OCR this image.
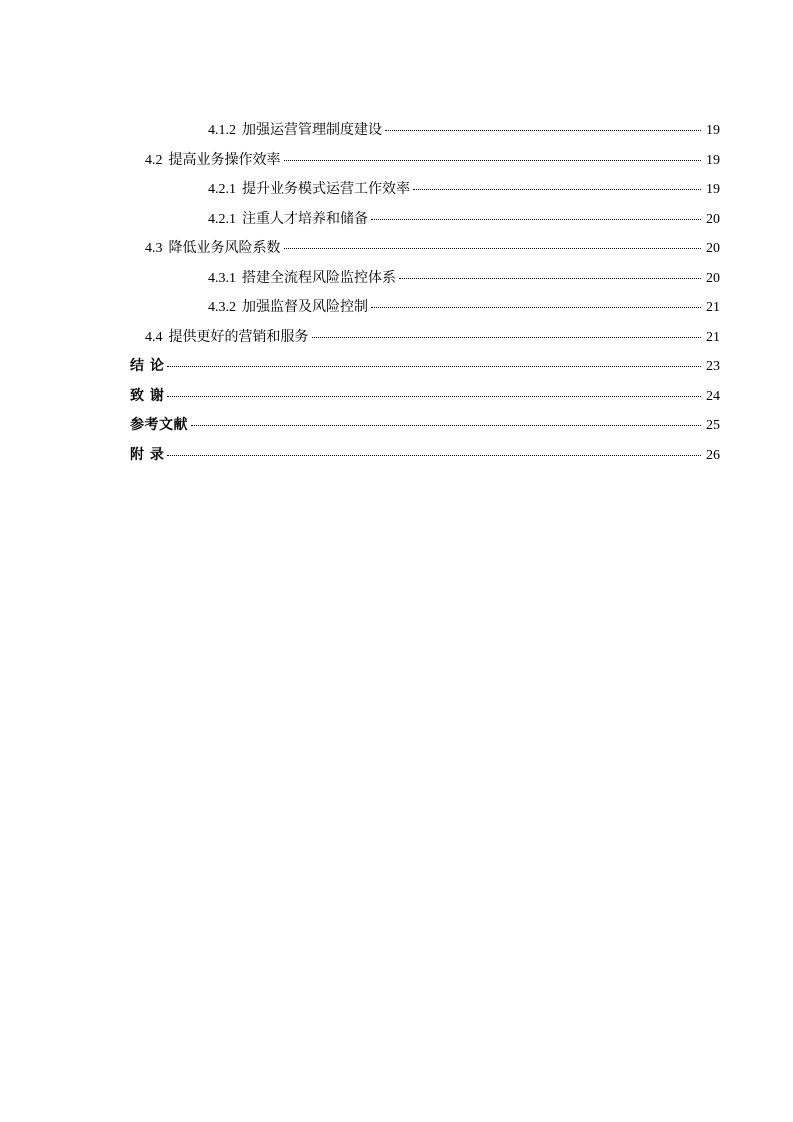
4.1.2 加强运营管理制度建设	19
4.2 提高业务操作效率	19
4.2.1 提升业务模式运营工作效率	19
4.2.1 注重人才培养和储备	20
4.3 降低业务风险系数	20
4.3.1 搭建全流程风险监控体系	20
4.3.2 加强监督及风险控制	21
4.4 提供更好的营销和服务	21
结 论	23
致 谢	24
参考文献	25
附 录	26
